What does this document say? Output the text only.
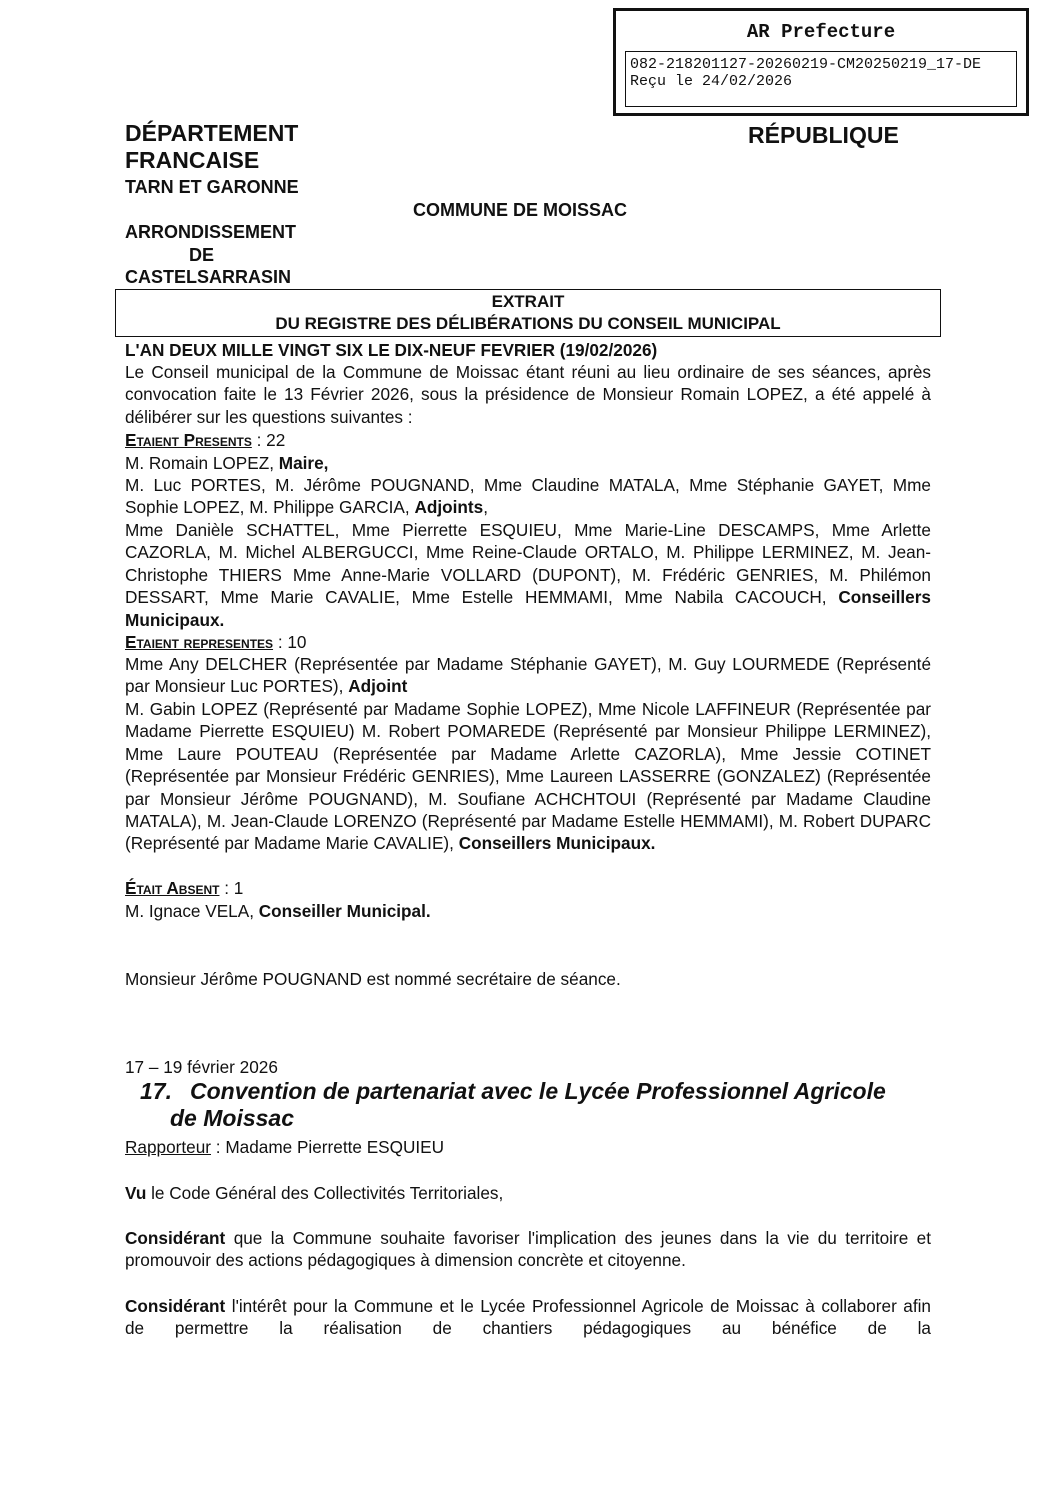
AR Prefecture
082-218201127-20260219-CM20250219_17-DE
Reçu le 24/02/2026
DÉPARTEMENT
FRANCAISE
RÉPUBLIQUE
TARN ET GARONNE
COMMUNE DE MOISSAC
ARRONDISSEMENT
DE
CASTELSARRASIN
EXTRAIT
DU REGISTRE DES DÉLIBÉRATIONS DU CONSEIL MUNICIPAL
L'AN DEUX MILLE VINGT SIX LE DIX-NEUF FEVRIER (19/02/2026)
Le Conseil municipal de la Commune de Moissac étant réuni au lieu ordinaire de ses séances, après convocation faite le 13 Février 2026, sous la présidence de Monsieur Romain LOPEZ, a été appelé à délibérer sur les questions suivantes :
Etaient Presents : 22
M. Romain LOPEZ, Maire,
M. Luc PORTES, M. Jérôme POUGNAND, Mme Claudine MATALA, Mme Stéphanie GAYET, Mme Sophie LOPEZ, M. Philippe GARCIA, Adjoints,
Mme Danièle SCHATTEL, Mme Pierrette ESQUIEU, Mme Marie-Line DESCAMPS, Mme Arlette CAZORLA, M. Michel ALBERGUCCI, Mme Reine-Claude ORTALO, M. Philippe LERMINEZ, M. Jean-Christophe THIERS Mme Anne-Marie VOLLARD (DUPONT), M. Frédéric GENRIES, M. Philémon DESSART, Mme Marie CAVALIE, Mme Estelle HEMMAMI, Mme Nabila CACOUCH, Conseillers Municipaux.
Etaient representes : 10
Mme Any DELCHER (Représentée par Madame Stéphanie GAYET), M. Guy LOURMEDE (Représenté par Monsieur Luc PORTES), Adjoint
M. Gabin LOPEZ (Représenté par Madame Sophie LOPEZ), Mme Nicole LAFFINEUR (Représentée par Madame Pierrette ESQUIEU) M. Robert POMAREDE (Représenté par Monsieur Philippe LERMINEZ), Mme Laure POUTEAU (Représentée par Madame Arlette CAZORLA), Mme Jessie COTINET (Représentée par Monsieur Frédéric GENRIES), Mme Laureen LASSERRE (GONZALEZ) (Représentée par Monsieur Jérôme POUGNAND), M. Soufiane ACHCHTOUI (Représenté par Madame Claudine MATALA), M. Jean-Claude LORENZO (Représenté par Madame Estelle HEMMAMI), M. Robert DUPARC (Représenté par Madame Marie CAVALIE), Conseillers Municipaux.
Était Absent : 1
M. Ignace VELA, Conseiller Municipal.
Monsieur Jérôme POUGNAND est nommé secrétaire de séance.
17 – 19 février 2026
17. Convention de partenariat avec le Lycée Professionnel Agricole
de Moissac
Rapporteur : Madame Pierrette ESQUIEU
Vu le Code Général des Collectivités Territoriales,
Considérant que la Commune souhaite favoriser l'implication des jeunes dans la vie du territoire et promouvoir des actions pédagogiques à dimension concrète et citoyenne.
Considérant l'intérêt pour la Commune et le Lycée Professionnel Agricole de Moissac à collaborer afin de permettre la réalisation de chantiers pédagogiques au bénéfice de la
